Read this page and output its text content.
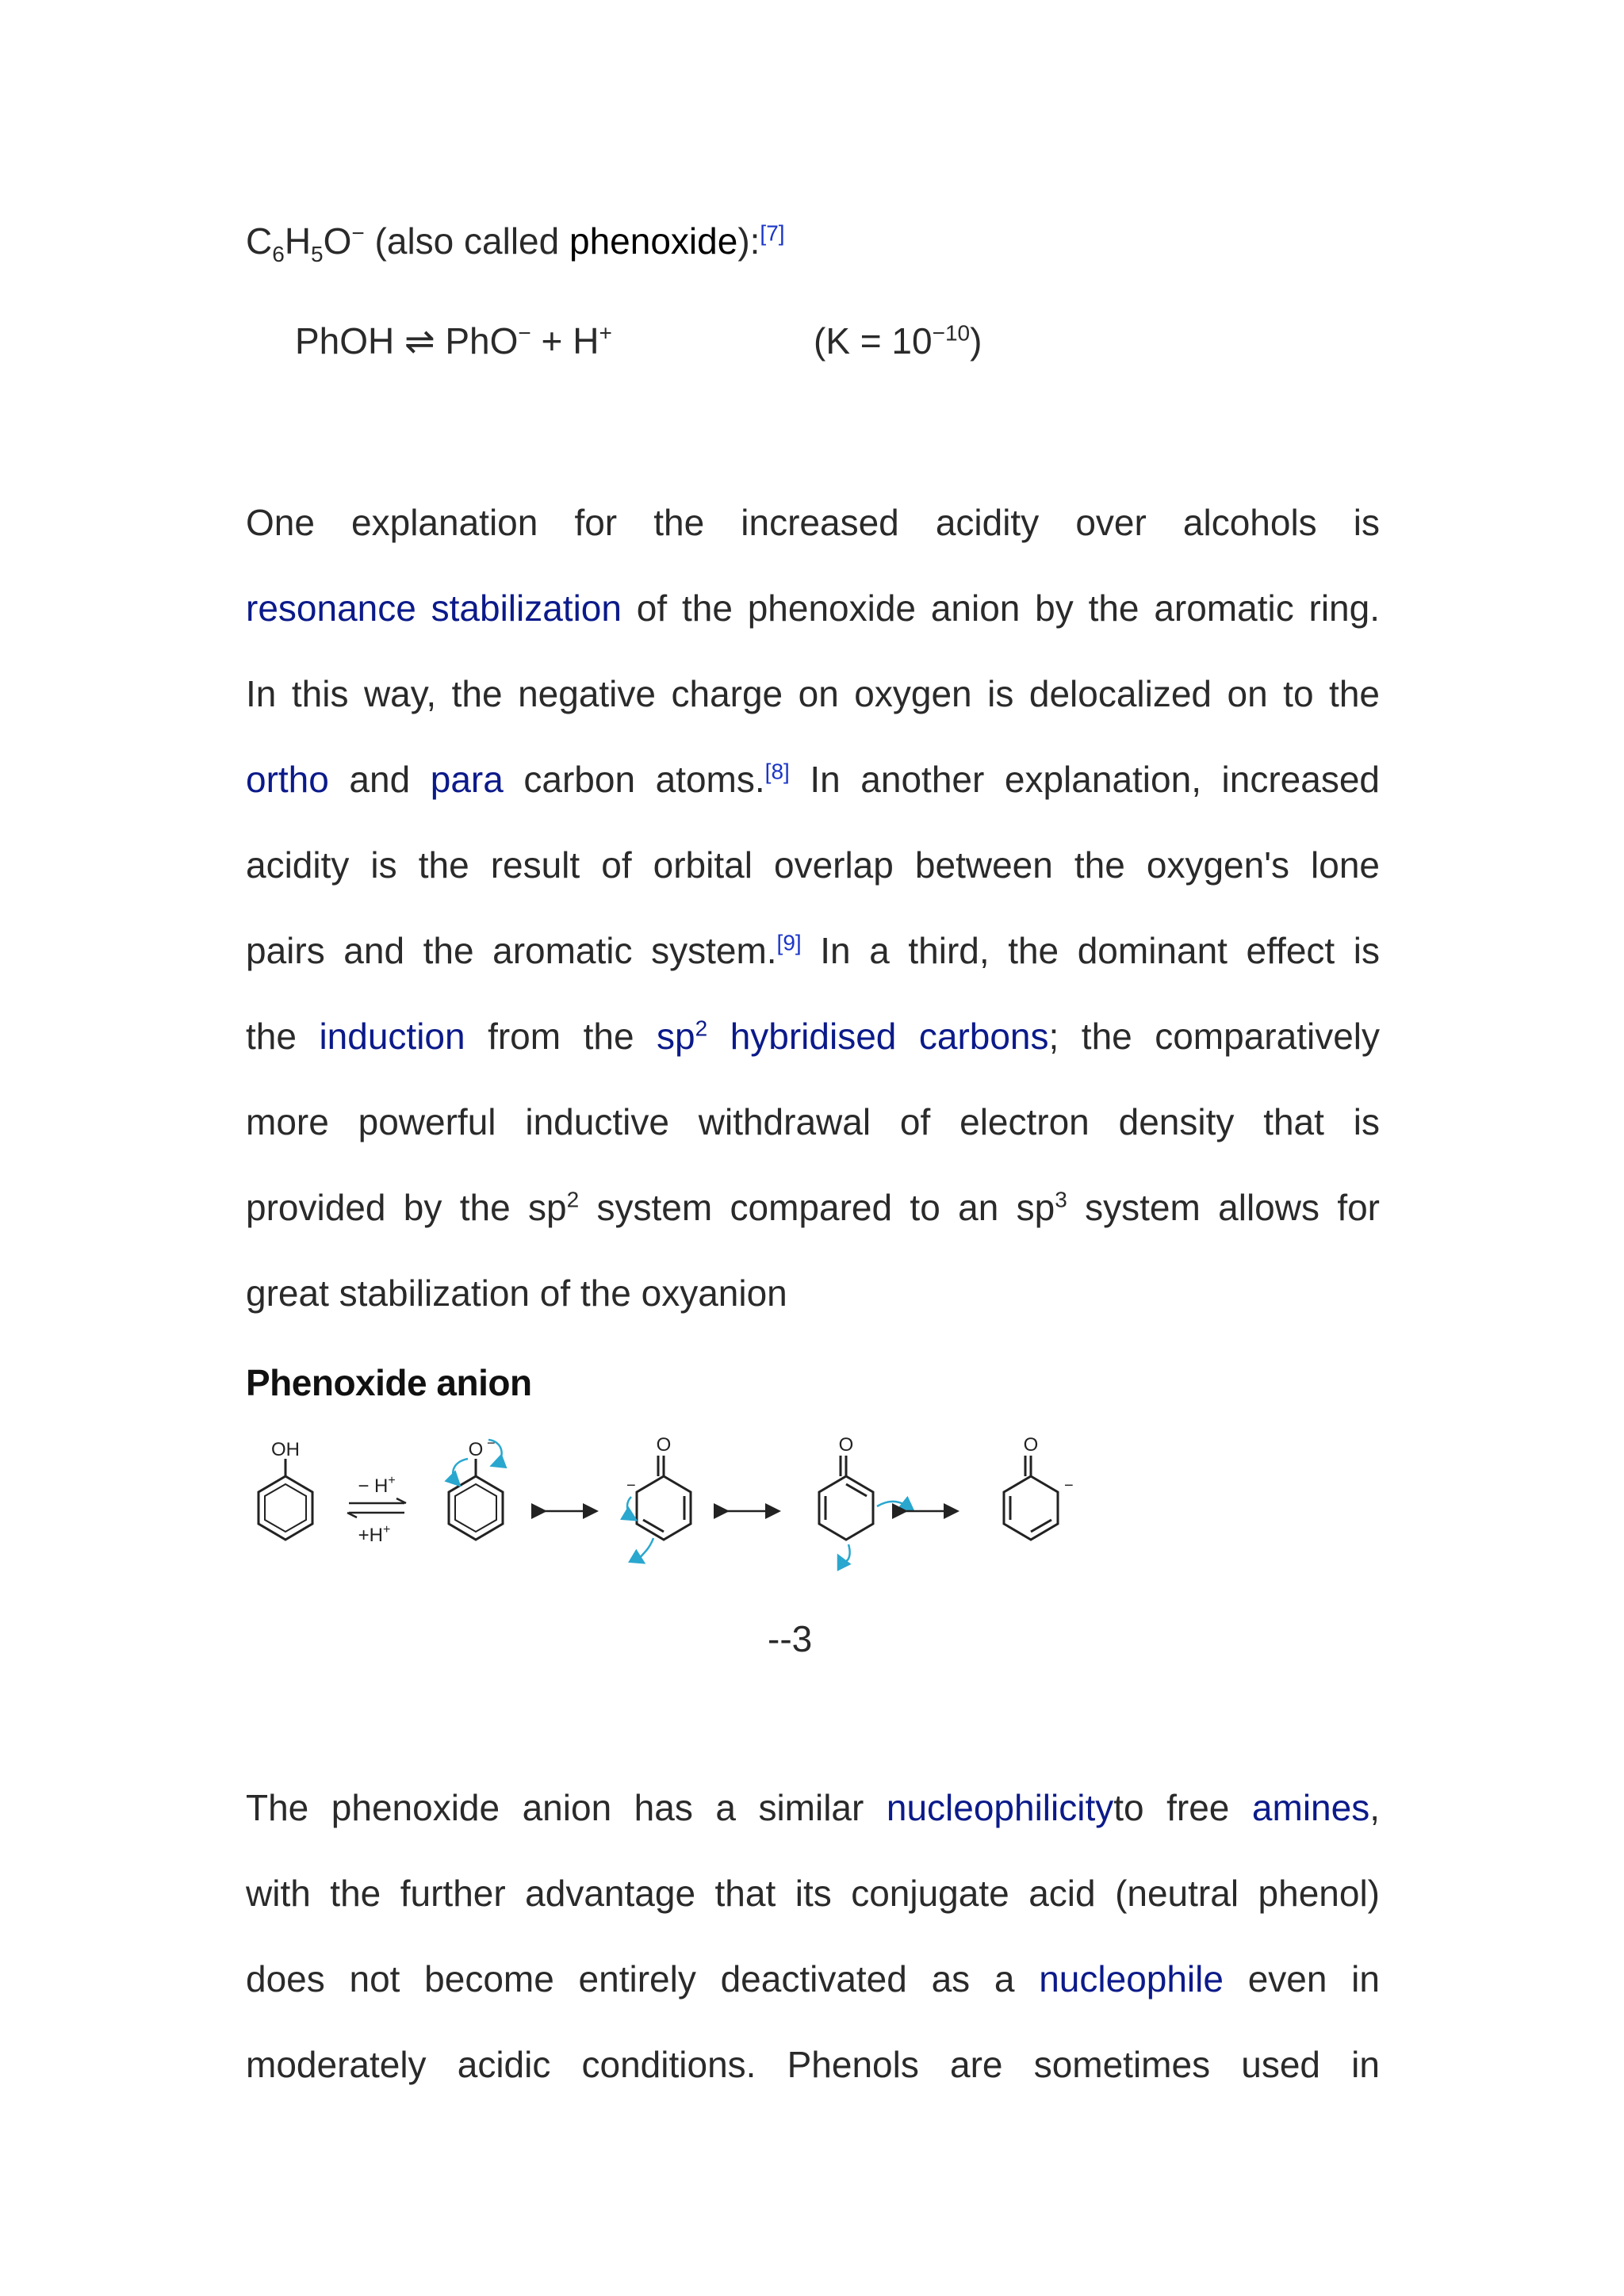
$C_6H_5O^-$ (also called phenoxide):[7]
PhOH ⇌ PhO− + H+	$(K = 10^{-10})$
One explanation for the increased acidity over alcohols is
resonance stabilization of the phenoxide anion by the aromatic ring.
In this way, the negative charge on oxygen is delocalized on to the
ortho and para carbon atoms.[8] In another explanation, increased
acidity is the result of orbital overlap between the oxygen's lone
pairs and the aromatic system.[9] In a third, the dominant effect is
the induction from the $sp^2$ hybridised carbons; the comparatively
more powerful inductive withdrawal of electron density that is
provided by the $sp^2$ system compared to an $sp^3$ system allows for
great stabilization of the oxyanion
Phenoxide anion
OH
− H+
+H+
O −	O
−
O	O
−
--3
The phenoxide anion has a similar nucleophilicityto free amines,
with the further advantage that its conjugate acid (neutral phenol)
does not become entirely deactivated as a nucleophile even in
moderately acidic conditions. Phenols are sometimes used in
